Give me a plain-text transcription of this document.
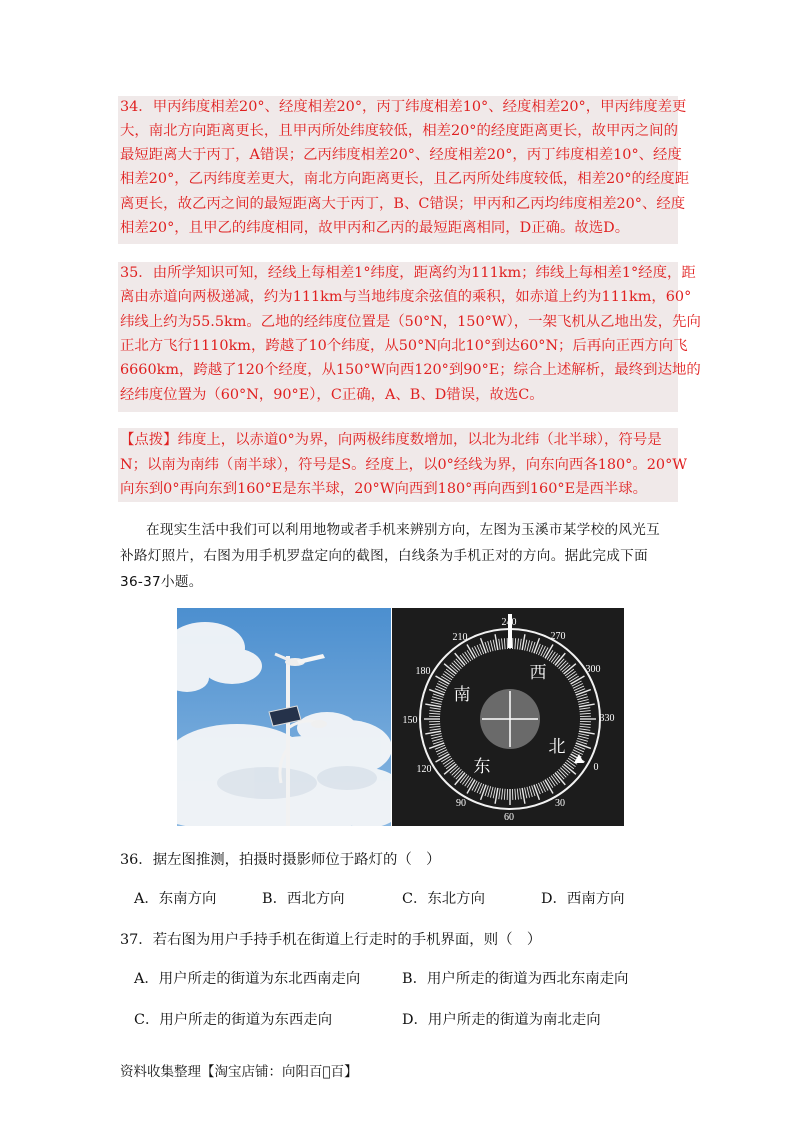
34．甲丙纬度相差20°、经度相差20°，丙丁纬度相差10°、经度相差20°，甲丙纬度差更
大，南北方向距离更长，且甲丙所处纬度较低，相差20°的经度距离更长，故甲丙之间的
最短距离大于丙丁，A错误；乙丙纬度相差20°、经度相差20°，丙丁纬度相差10°、经度
相差20°，乙丙纬度差更大，南北方向距离更长，且乙丙所处纬度较低，相差20°的经度距
离更长，故乙丙之间的最短距离大于丙丁，B、C错误；甲丙和乙丙均纬度相差20°、经度
相差20°，且甲乙的纬度相同，故甲丙和乙丙的最短距离相同，D正确。故选D。
35．由所学知识可知，经线上每相差1°纬度，距离约为111km；纬线上每相差1°经度，距
离由赤道向两极递减，约为111km与当地纬度余弦值的乘积，如赤道上约为111km，60°
纬线上约为55.5km。乙地的经纬度位置是（50°N，150°W），一架飞机从乙地出发，先向
正北方飞行1110km，跨越了10个纬度，从50°N向北10°到达60°N；后再向正西方向飞
6660km，跨越了120个经度，从150°W向西120°到90°E；综合上述解析，最终到达地的
经纬度位置为（60°N，90°E），C正确，A、B、D错误，故选C。
【点拨】纬度上，以赤道0°为界，向两极纬度数增加，以北为北纬（北半球），符号是
N；以南为南纬（南半球），符号是S。经度上，以0°经线为界，向东向西各180°。20°W
向东到0°再向东到160°E是东半球，20°W向西到180°再向西到160°E是西半球。
在现实生活中我们可以利用地物或者手机来辨别方向，左图为玉溪市某学校的风光互
补路灯照片，右图为用手机罗盘定向的截图，白线条为手机正对的方向。据此完成下面
36-37小题。
240
270
300
330
0
30
60
90
120
150
180
210
南
西
东
北
36．据左图推测，拍摄时摄影师位于路灯的（　）
A．东南方向	B．西北方向	C．东北方向	D．西南方向
37．若右图为用户手持手机在街道上行走时的手机界面，则（　）
A．用户所走的街道为东北西南走向	B．用户所走的街道为西北东南走向
C．用户所走的街道为东西走向	D．用户所走的街道为南北走向
资料收集整理【淘宝店铺：向阳百𭪙百】
